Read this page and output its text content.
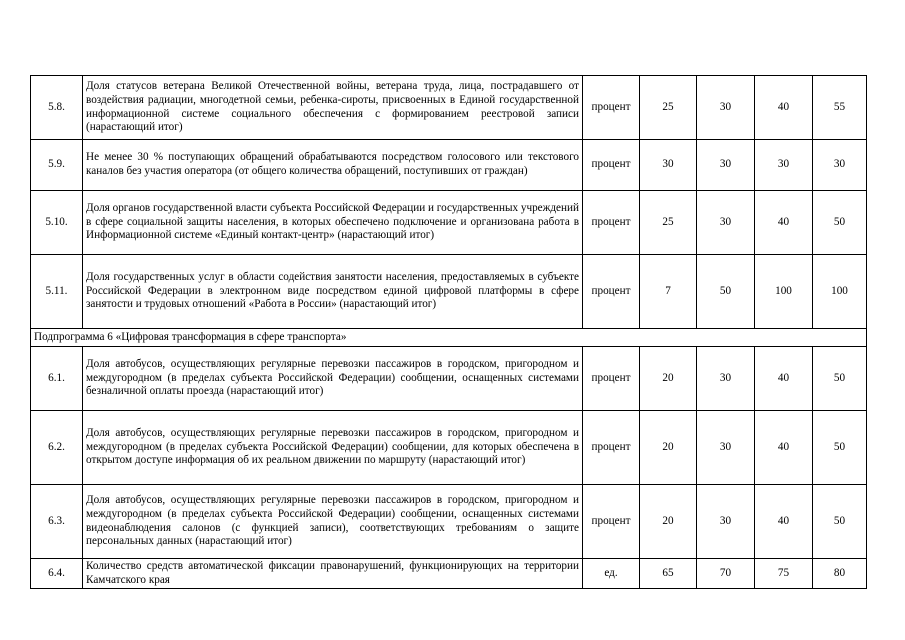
5.8.	Доля статусов ветерана Великой Отечественной войны, ветерана труда, лица, пострадавшего от воздействия радиации, многодетной семьи, ребенка-сироты, присвоенных в Единой государственной информационной системе социального обеспечения с формированием реестровой записи (нарастающий итог)	процент	25	30	40	55
5.9.	Не менее 30 % поступающих обращений обрабатываются посредством голосового или текстового каналов без участия оператора (от общего количества обращений, поступивших от граждан)	процент	30	30	30	30
5.10.	Доля органов государственной власти субъекта Российской Федерации и государственных учреждений в сфере социальной защиты населения, в которых обеспечено подключение и организована работа в Информационной системе «Единый контакт-центр» (нарастающий итог)	процент	25	30	40	50
5.11.	Доля государственных услуг в области содействия занятости населения, предоставляемых в субъекте Российской Федерации в электронном виде посредством единой цифровой платформы в сфере занятости и трудовых отношений «Работа в России» (нарастающий итог)	процент	7	50	100	100
Подпрограмма 6 «Цифровая трансформация в сфере транспорта»						
6.1.	Доля автобусов, осуществляющих регулярные перевозки пассажиров в городском, пригородном и междугородном (в пределах субъекта Российской Федерации) сообщении, оснащенных системами безналичной оплаты проезда (нарастающий итог)	процент	20	30	40	50
6.2.	Доля автобусов, осуществляющих регулярные перевозки пассажиров в городском, пригородном и междугородном (в пределах субъекта Российской Федерации) сообщении, для которых обеспечена в открытом доступе информация об их реальном движении по маршруту (нарастающий итог)	процент	20	30	40	50
6.3.	Доля автобусов, осуществляющих регулярные перевозки пассажиров в городском, пригородном и междугородном (в пределах субъекта Российской Федерации) сообщении, оснащенных системами видеонаблюдения салонов (с функцией записи), соответствующих требованиям о защите персональных данных (нарастающий итог)	процент	20	30	40	50
6.4.	Количество средств автоматической фиксации правонарушений, функционирующих на территории Камчатского края	ед.	65	70	75	80
